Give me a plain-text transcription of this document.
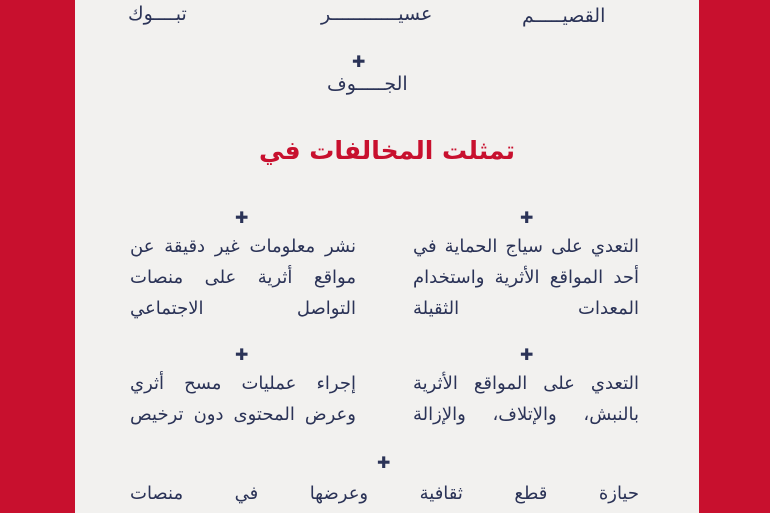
القصيـــــم
عسيــــــــــــر
تبــــوك
✚
الجـــــوف
تمثلت المخالفات في
✚
التعدي على سياج الحماية في أحد المواقع الأثرية واستخدام المعدات الثقيلة
✚
نشر معلومات غير دقيقة عن مواقع أثرية على منصات التواصل الاجتماعي
✚
التعدي على المواقع الأثرية بالنبش، والإتلاف، والإزالة
✚
إجراء عمليات مسح أثري وعرض المحتوى دون ترخيص
✚
حيازة قطع ثقافية وعرضها في منصات
